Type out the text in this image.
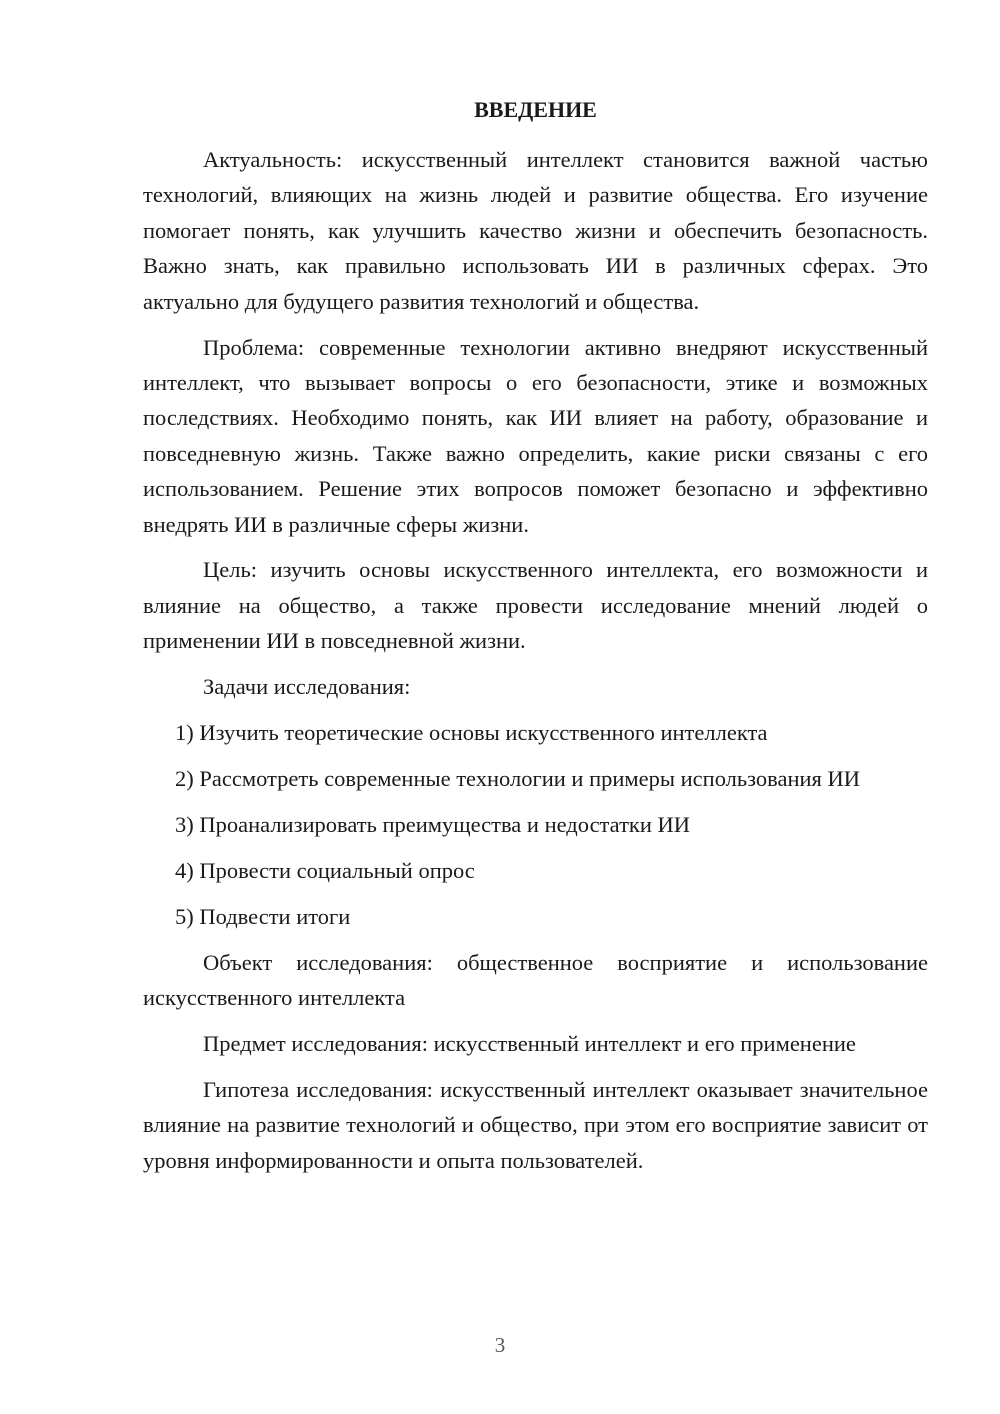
ВВЕДЕНИЕ

Актуальность: искусственный интеллект становится важной частью технологий, влияющих на жизнь людей и развитие общества. Его изучение помогает понять, как улучшить качество жизни и обеспечить безопасность. Важно знать, как правильно использовать ИИ в различных сферах. Это актуально для будущего развития технологий и общества.

Проблема: современные технологии активно внедряют искусственный интеллект, что вызывает вопросы о его безопасности, этике и возможных последствиях. Необходимо понять, как ИИ влияет на работу, образование и повседневную жизнь. Также важно определить, какие риски связаны с его использованием. Решение этих вопросов поможет безопасно и эффективно внедрять ИИ в различные сферы жизни.

Цель: изучить основы искусственного интеллекта, его возможности и влияние на общество, а также провести исследование мнений людей о применении ИИ в повседневной жизни.

Задачи исследования:

1) Изучить теоретические основы искусственного интеллекта

2) Рассмотреть современные технологии и примеры использования ИИ

3) Проанализировать преимущества и недостатки ИИ

4) Провести социальный опрос

5) Подвести итоги

Объект исследования: общественное восприятие и использование искусственного интеллекта

Предмет исследования: искусственный интеллект и его применение

Гипотеза исследования: искусственный интеллект оказывает значительное влияние на развитие технологий и общество, при этом его восприятие зависит от уровня информированности и опыта пользователей.

3
